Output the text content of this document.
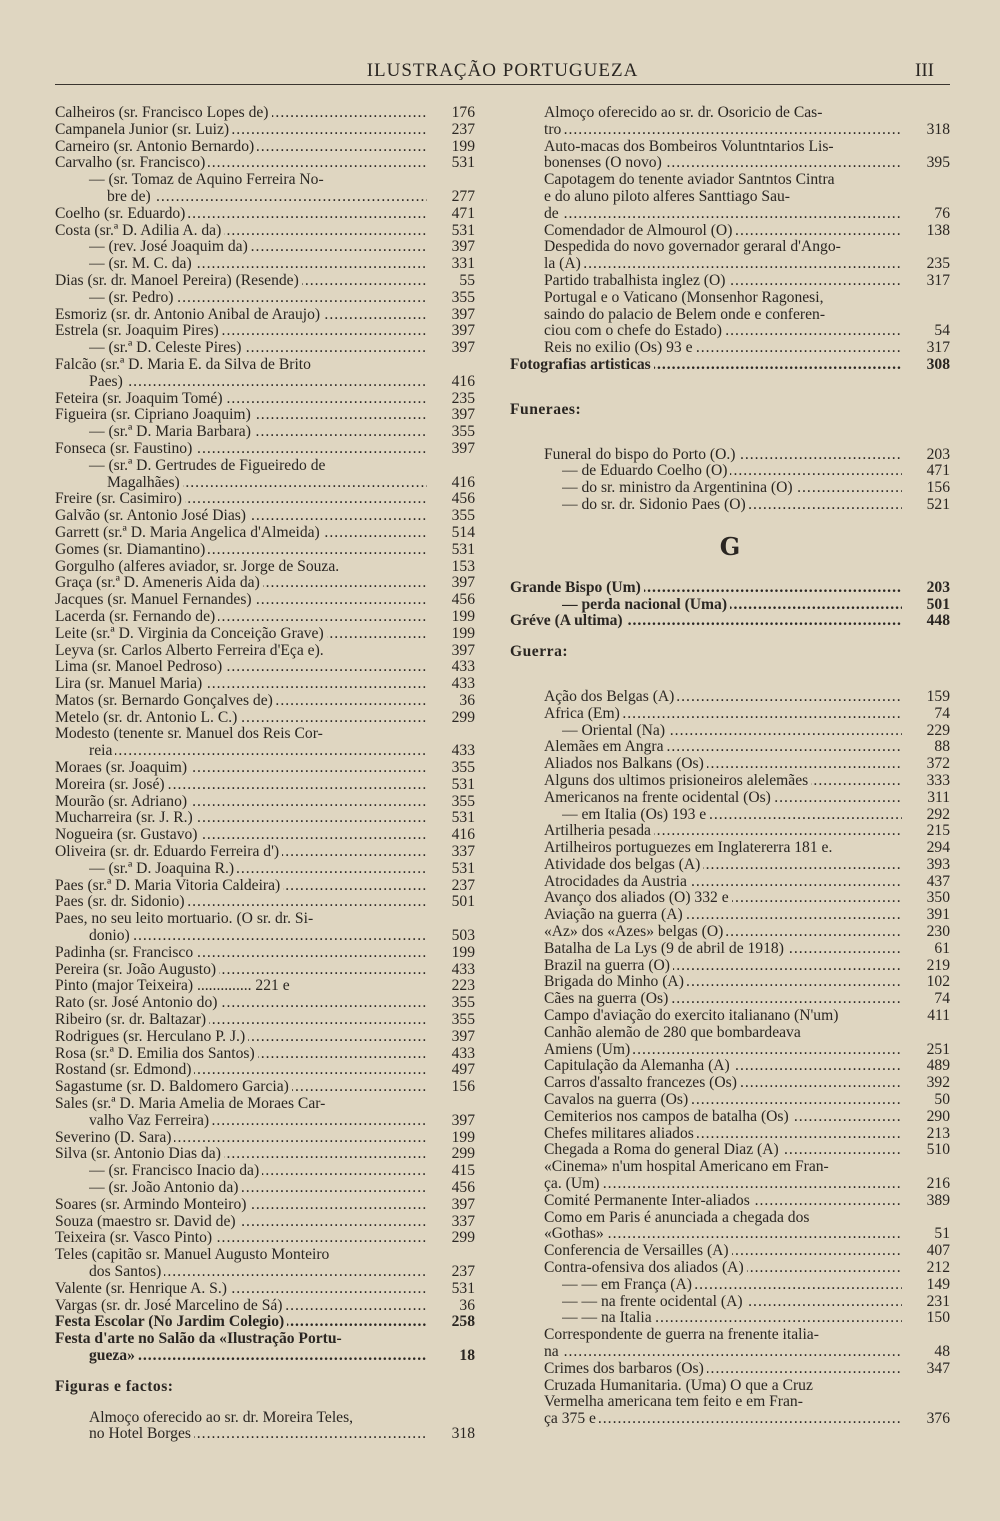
ILUSTRAÇÃO PORTUGUEZA	III
Calheiros (sr. Francisco Lopes de) .....	176
Campanela Junior (sr. Luiz) .....	237
Carneiro (sr. Antonio Bernardo) .....	199
Carvalho (sr. Francisco) .....	531
— (sr. Tomaz de Aquino Ferreira No-
bre de) .....	277
Coelho (sr. Eduardo) .....	471
Costa (sr.ª D. Adilia A. da) .....	531
— (rev. José Joaquim da) .....	397
— (sr. M. C. da) .....	331
Dias (sr. dr. Manoel Pereira) (Resende) .....	55
— (sr. Pedro) .....	355
Esmoriz (sr. dr. Antonio Anibal de Araujo) .....	397
Estrela (sr. Joaquim Pires) .....	397
— (sr.ª D. Celeste Pires) .....	397
Falcão (sr.ª D. Maria E. da Silva de Brito
Paes) .....	416
Feteira (sr. Joaquim Tomé) .....	235
Figueira (sr. Cipriano Joaquim) .....	397
— (sr.ª D. Maria Barbara) .....	355
Fonseca (sr. Faustino) .....	397
— (sr.ª D. Gertrudes de Figueiredo de
Magalhães) .....	416
Freire (sr. Casimiro) .....	456
Galvão (sr. Antonio José Dias) .....	355
Garrett (sr.ª D. Maria Angelica d'Almeida) .....	514
Gomes (sr. Diamantino) .....	531
Gorgulho (alferes aviador, sr. Jorge de Souza.	153
Graça (sr.ª D. Ameneris Aida da) .....	397
Jacques (sr. Manuel Fernandes) .....	456
Lacerda (sr. Fernando de) .....	199
Leite (sr.ª D. Virginia da Conceição Grave) .....	199
Leyva (sr. Carlos Alberto Ferreira d'Eça e).	397
Lima (sr. Manoel Pedroso) .....	433
Lira (sr. Manuel Maria) .....	433
Matos (sr. Bernardo Gonçalves de) .....	36
Metelo (sr. dr. Antonio L. C.) .....	299
Modesto (tenente sr. Manuel dos Reis Cor-
reia .....	433
Moraes (sr. Joaquim) .....	355
Moreira (sr. José) .....	531
Mourão (sr. Adriano) .....	355
Mucharreira (sr. J. R.) .....	531
Nogueira (sr. Gustavo) .....	416
Oliveira (sr. dr. Eduardo Ferreira d') .....	337
— (sr.ª D. Joaquina R.) .....	531
Paes (sr.ª D. Maria Vitoria Caldeira) .....	237
Paes (sr. dr. Sidonio) .....	501
Paes, no seu leito mortuario. (O sr. dr. Si-
donio) .....	503
Padinha (sr. Francisco .....	199
Pereira (sr. João Augusto) .....	433
Pinto (major Teixeira) .............. 221 e	223
Rato (sr. José Antonio do) .....	355
Ribeiro (sr. dr. Baltazar) .....	355
Rodrigues (sr. Herculano P. J.) .....	397
Rosa (sr.ª D. Emilia dos Santos) .....	433
Rostand (sr. Edmond) .....	497
Sagastume (sr. D. Baldomero Garcia) .....	156
Sales (sr.ª D. Maria Amelia de Moraes Car-
valho Vaz Ferreira) .....	397
Severino (D. Sara) .....	199
Silva (sr. Antonio Dias da) .....	299
— (sr. Francisco Inacio da) .....	415
— (sr. João Antonio da) .....	456
Soares (sr. Armindo Monteiro) .....	397
Souza (maestro sr. David de) .....	337
Teixeira (sr. Vasco Pinto) .....	299
Teles (capitão sr. Manuel Augusto Monteiro
dos Santos) .....	237
Valente (sr. Henrique A. S.) .....	531
Vargas (sr. dr. José Marcelino de Sá) .....	36
Festa Escolar (No Jardim Colegio) .....	258
Festa d'arte no Salão da «Ilustração Portu-
gueza» .....	18
Figuras e factos:
Almoço oferecido ao sr. dr. Moreira Teles,
no Hotel Borges .....	318
Almoço oferecido ao sr. dr. Osoricio de Cas-
tro .....	318
Auto-macas dos Bombeiros Voluntntarios Lis-
bonenses (O novo) .....	395
Capotagem do tenente aviador Santntos Cintra
e do aluno piloto alferes Santtiago Sau-
de .....	76
Comendador de Almourol (O) .....	138
Despedida do novo governador geraral d'Ango-
la (A) .....	235
Partido trabalhista inglez (O) .....	317
Portugal e o Vaticano (Monsenhor Ragonesi,
saindo do palacio de Belem onde e conferen-
ciou com o chefe do Estado) .....	54
Reis no exilio (Os) 93 e .....	317
Fotografias artisticas .....	308
Funeraes:
Funeral do bispo do Porto (O.) .....	203
— de Eduardo Coelho (O) .....	471
— do sr. ministro da Argentinina (O) .....	156
— do sr. dr. Sidonio Paes (O) .....	521
G
Grande Bispo (Um) .....	203
— perda nacional (Uma) .....	501
Gréve (A ultima) .....	448
Guerra:
Ação dos Belgas (A) .....	159
Africa (Em) .....	74
— Oriental (Na) .....	229
Alemães em Angra .....	88
Aliados nos Balkans (Os) .....	372
Alguns dos ultimos prisioneiros alelemães .....	333
Americanos na frente ocidental (Os) .....	311
— em Italia (Os) 193 e .....	292
Artilheria pesada .....	215
Artilheiros portuguezes em Inglatererra 181 e.	294
Atividade dos belgas (A) .....	393
Atrocidades da Austria .....	437
Avanço dos aliados (O) 332 e .....	350
Aviação na guerra (A) .....	391
«Az» dos «Azes» belgas (O) .....	230
Batalha de La Lys (9 de abril de 1918) .....	61
Brazil na guerra (O) .....	219
Brigada do Minho (A) .....	102
Cães na guerra (Os) .....	74
Campo d'aviação do exercito italianano (N'um)	411
Canhão alemão de 280 que bombardeava
Amiens (Um) .....	251
Capitulação da Alemanha (A) .....	489
Carros d'assalto francezes (Os) .....	392
Cavalos na guerra (Os) .....	50
Cemiterios nos campos de batalha (Os) .....	290
Chefes militares aliados .....	213
Chegada a Roma do general Diaz (A) .....	510
«Cinema» n'um hospital Americano em Fran-
ça. (Um) .....	216
Comité Permanente Inter-aliados .....	389
Como em Paris é anunciada a chegada dos
«Gothas» .....	51
Conferencia de Versailles (A) .....	407
Contra-ofensiva dos aliados (A) .....	212
— — em França (A) .....	149
— — na frente ocidental (A) .....	231
— — na Italia .....	150
Correspondente de guerra na frenente italia-
na .....	48
Crimes dos barbaros (Os) .....	347
Cruzada Humanitaria. (Uma) O que a Cruz
Vermelha americana tem feito e em Fran-
ça 375 e .....	376
